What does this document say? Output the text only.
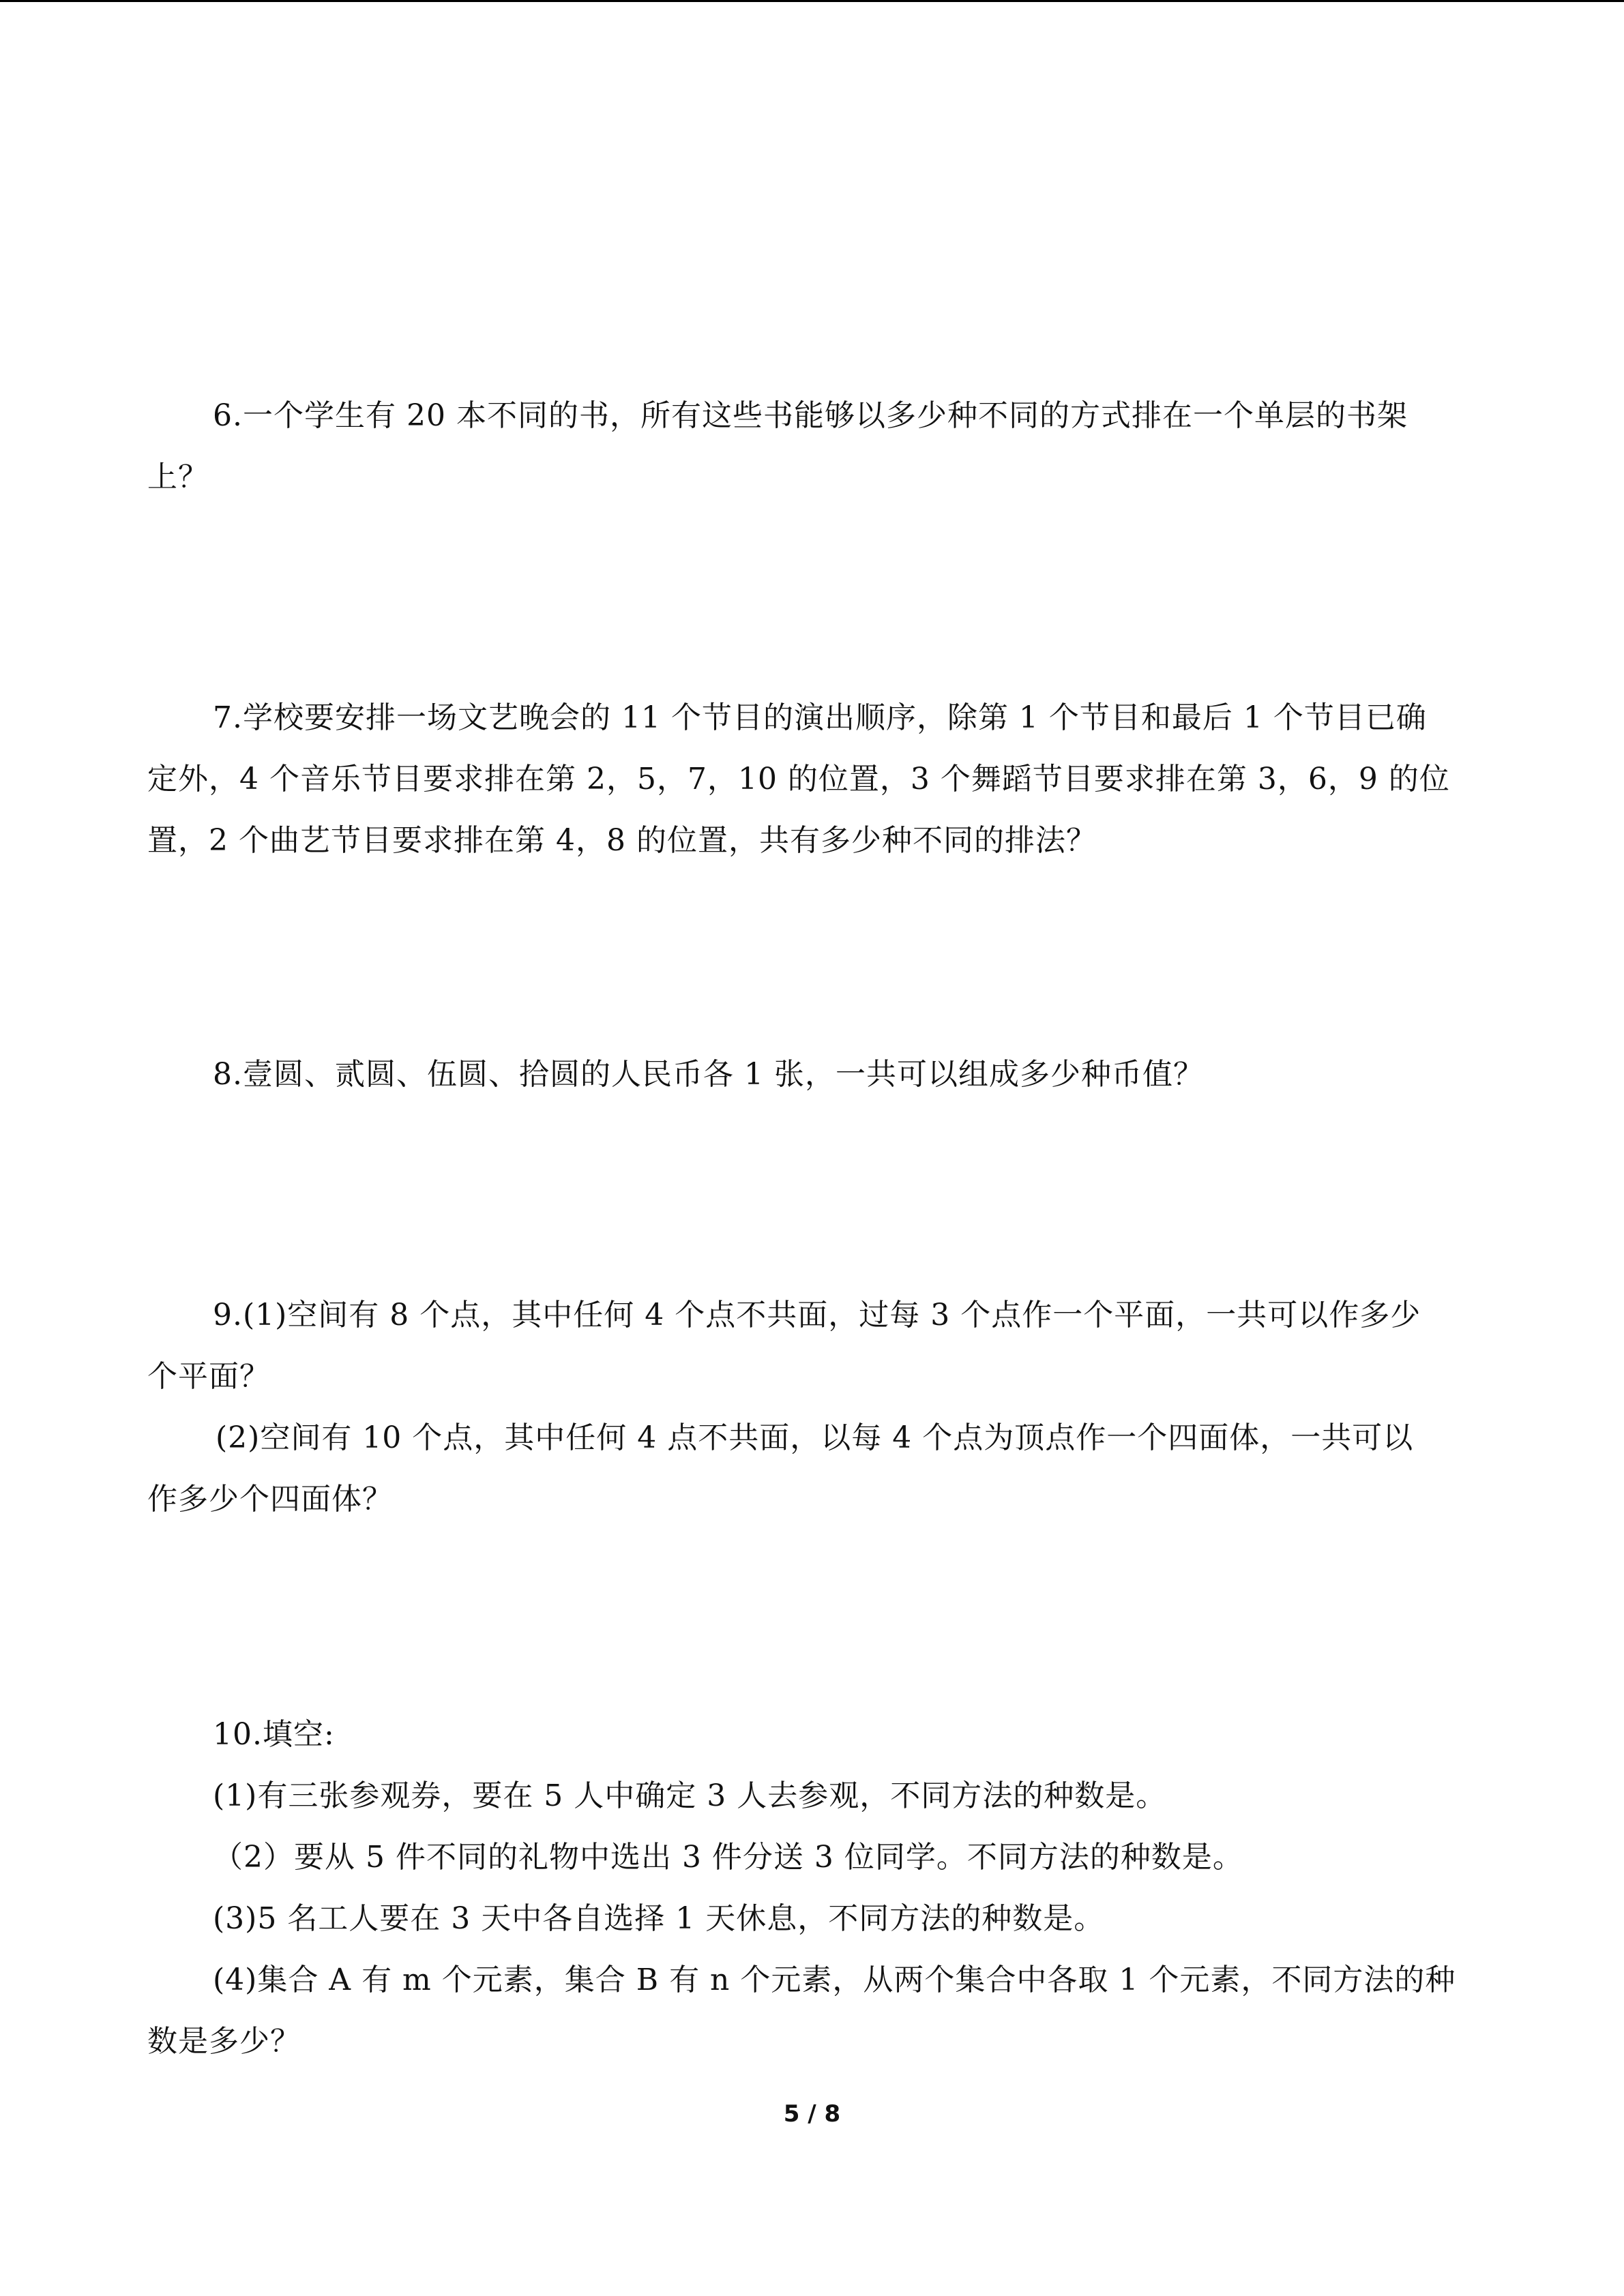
6.一个学生有 20 本不同的书，所有这些书能够以多少种不同的方式排在一个单层的书架
上？
7.学校要安排一场文艺晚会的 11 个节目的演出顺序，除第 1 个节目和最后 1 个节目已确
定外，4 个音乐节目要求排在第 2，5，7，10 的位置，3 个舞蹈节目要求排在第 3，6，9 的位
置，2 个曲艺节目要求排在第 4，8 的位置，共有多少种不同的排法？
8.壹圆、贰圆、伍圆、拾圆的人民币各 1 张，一共可以组成多少种币值？
9.(1)空间有 8 个点，其中任何 4 个点不共面，过每 3 个点作一个平面，一共可以作多少
个平面？
(2)空间有 10 个点，其中任何 4 点不共面，以每 4 个点为顶点作一个四面体，一共可以
作多少个四面体？
10.填空:
(1)有三张参观券，要在 5 人中确定 3 人去参观，不同方法的种数是。
（2）要从 5 件不同的礼物中选出 3 件分送 3 位同学。不同方法的种数是。
(3)5 名工人要在 3 天中各自选择 1 天休息，不同方法的种数是。
(4)集合 A 有 m 个元素，集合 B 有 n 个元素，从两个集合中各取 1 个元素，不同方法的种
数是多少？
5 / 8
